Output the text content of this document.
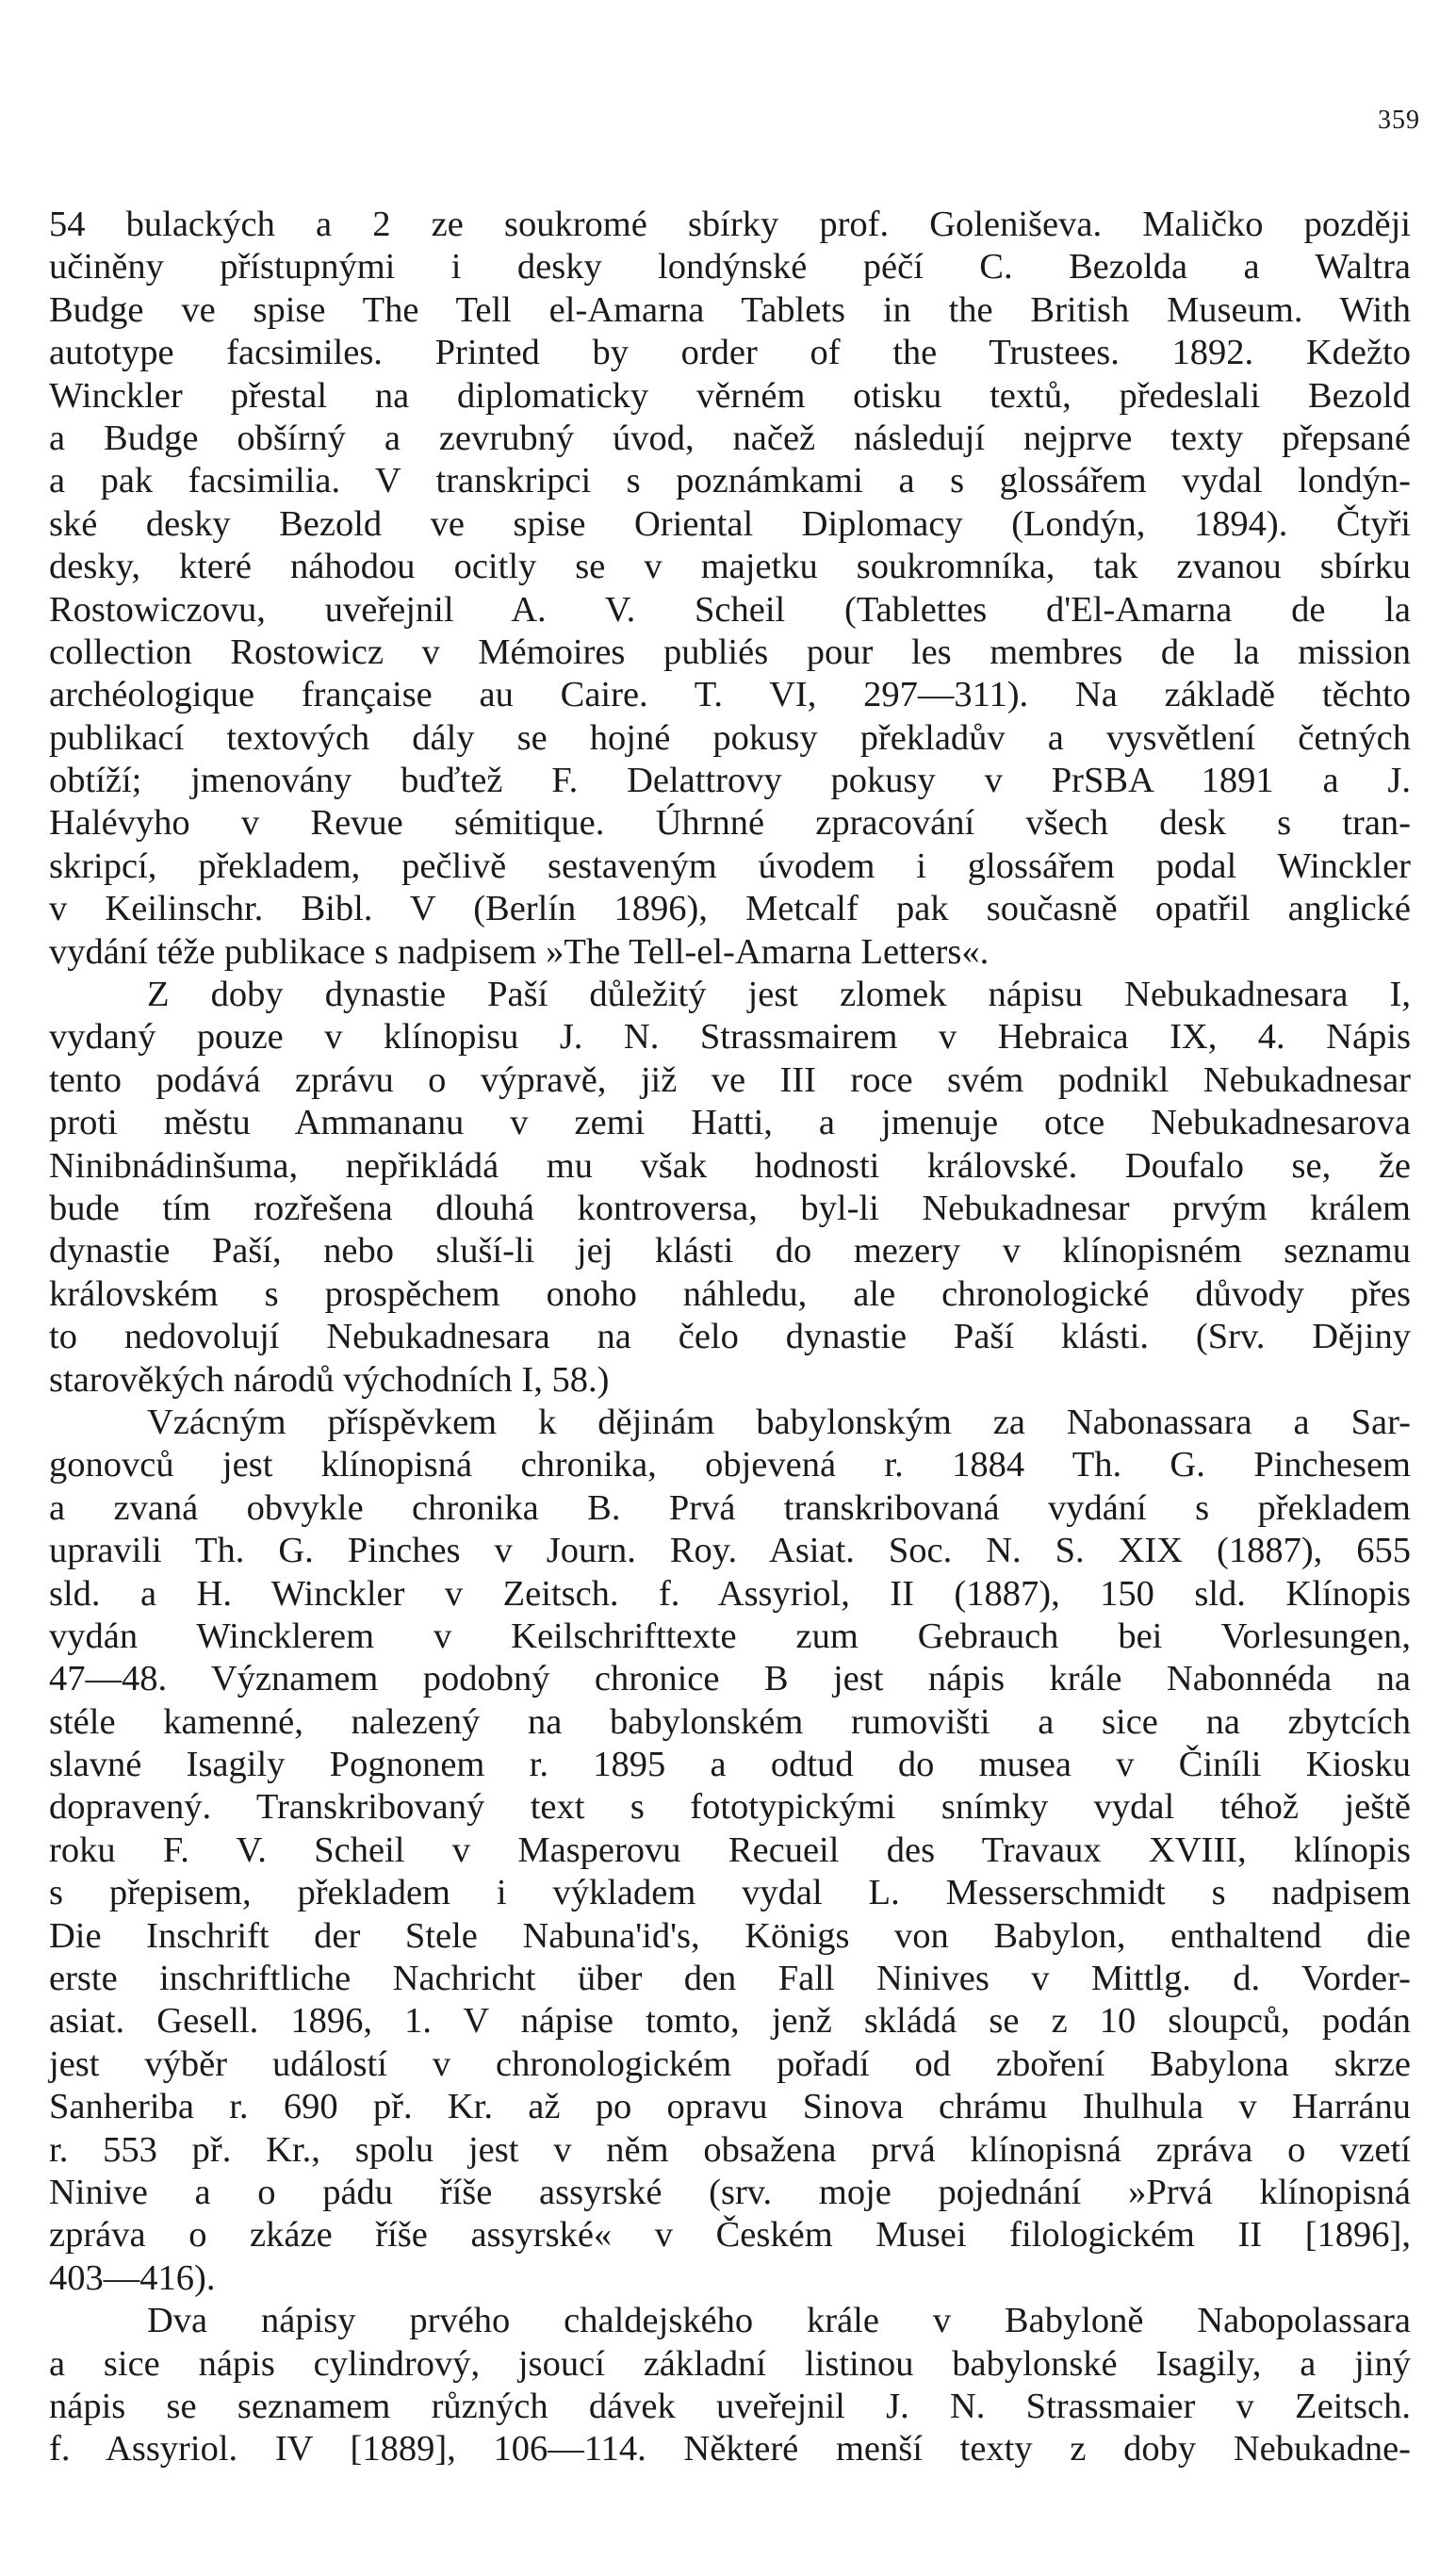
359
54 bulackých a 2 ze soukromé sbírky prof. Goleniševa. Maličko později
učiněny přístupnými i desky londýnské péčí C. Bezolda a Waltra
Budge ve spise The Tell el-Amarna Tablets in the British Museum. With
autotype facsimiles. Printed by order of the Trustees. 1892. Kdežto
Winckler přestal na diplomaticky věrném otisku textů, předeslali Bezold
a Budge obšírný a zevrubný úvod, načež následují nejprve texty přepsané
a pak facsimilia. V transkripci s poznámkami a s glossářem vydal londýn-
ské desky Bezold ve spise Oriental Diplomacy (Londýn, 1894). Čtyři
desky, které náhodou ocitly se v majetku soukromníka, tak zvanou sbírku
Rostowiczovu, uveřejnil A. V. Scheil (Tablettes d'El-Amarna de la
collection Rostowicz v Mémoires publiés pour les membres de la mission
archéologique française au Caire. T. VI, 297—311). Na základě těchto
publikací textových dály se hojné pokusy překladův a vysvětlení četných
obtíží; jmenovány buďtež F. Delattrovy pokusy v PrSBA 1891 a J.
Halévyho v Revue sémitique. Úhrnné zpracování všech desk s tran-
skripcí, překladem, pečlivě sestaveným úvodem i glossářem podal Winckler
v Keilinschr. Bibl. V (Berlín 1896), Metcalf pak současně opatřil anglické
vydání téže publikace s nadpisem »The Tell-el-Amarna Letters«.
Z doby dynastie Paší důležitý jest zlomek nápisu Nebukadnesara I,
vydaný pouze v klínopisu J. N. Strassmairem v Hebraica IX, 4. Nápis
tento podává zprávu o výpravě, již ve III roce svém podnikl Nebukadnesar
proti městu Ammananu v zemi Hatti, a jmenuje otce Nebukadnesarova
Ninibnádinšuma, nepřikládá mu však hodnosti královské. Doufalo se, že
bude tím rozřešena dlouhá kontroversa, byl-li Nebukadnesar prvým králem
dynastie Paší, nebo sluší-li jej klásti do mezery v klínopisném seznamu
královském s prospěchem onoho náhledu, ale chronologické důvody přes
to nedovolují Nebukadnesara na čelo dynastie Paší klásti. (Srv. Dějiny
starověkých národů východních I, 58.)
Vzácným příspěvkem k dějinám babylonským za Nabonassara a Sar-
gonovců jest klínopisná chronika, objevená r. 1884 Th. G. Pinchesem
a zvaná obvykle chronika B. Prvá transkribovaná vydání s překladem
upravili Th. G. Pinches v Journ. Roy. Asiat. Soc. N. S. XIX (1887), 655
sld. a H. Winckler v Zeitsch. f. Assyriol, II (1887), 150 sld. Klínopis
vydán Wincklerem v Keilschrifttexte zum Gebrauch bei Vorlesungen,
47—48. Významem podobný chronice B jest nápis krále Nabonnéda na
stéle kamenné, nalezený na babylonském rumovišti a sice na zbytcích
slavné Isagily Pognonem r. 1895 a odtud do musea v Činíli Kiosku
dopravený. Transkribovaný text s fototypickými snímky vydal téhož ještě
roku F. V. Scheil v Masperovu Recueil des Travaux XVIII, klínopis
s přepisem, překladem i výkladem vydal L. Messerschmidt s nadpisem
Die Inschrift der Stele Nabuna'id's, Königs von Babylon, enthaltend die
erste inschriftliche Nachricht über den Fall Ninives v Mittlg. d. Vorder-
asiat. Gesell. 1896, 1. V nápise tomto, jenž skládá se z 10 sloupců, podán
jest výběr událostí v chronologickém pořadí od zboření Babylona skrze
Sanheriba r. 690 př. Kr. až po opravu Sinova chrámu Ihulhula v Harránu
r. 553 př. Kr., spolu jest v něm obsažena prvá klínopisná zpráva o vzetí
Ninive a o pádu říše assyrské (srv. moje pojednání »Prvá klínopisná
zpráva o zkáze říše assyrské« v Českém Musei filologickém II [1896],
403—416).
Dva nápisy prvého chaldejského krále v Babyloně Nabopolassara
a sice nápis cylindrový, jsoucí základní listinou babylonské Isagily, a jiný
nápis se seznamem různých dávek uveřejnil J. N. Strassmaier v Zeitsch.
f. Assyriol. IV [1889], 106—114. Některé menší texty z doby Nebukadne-
